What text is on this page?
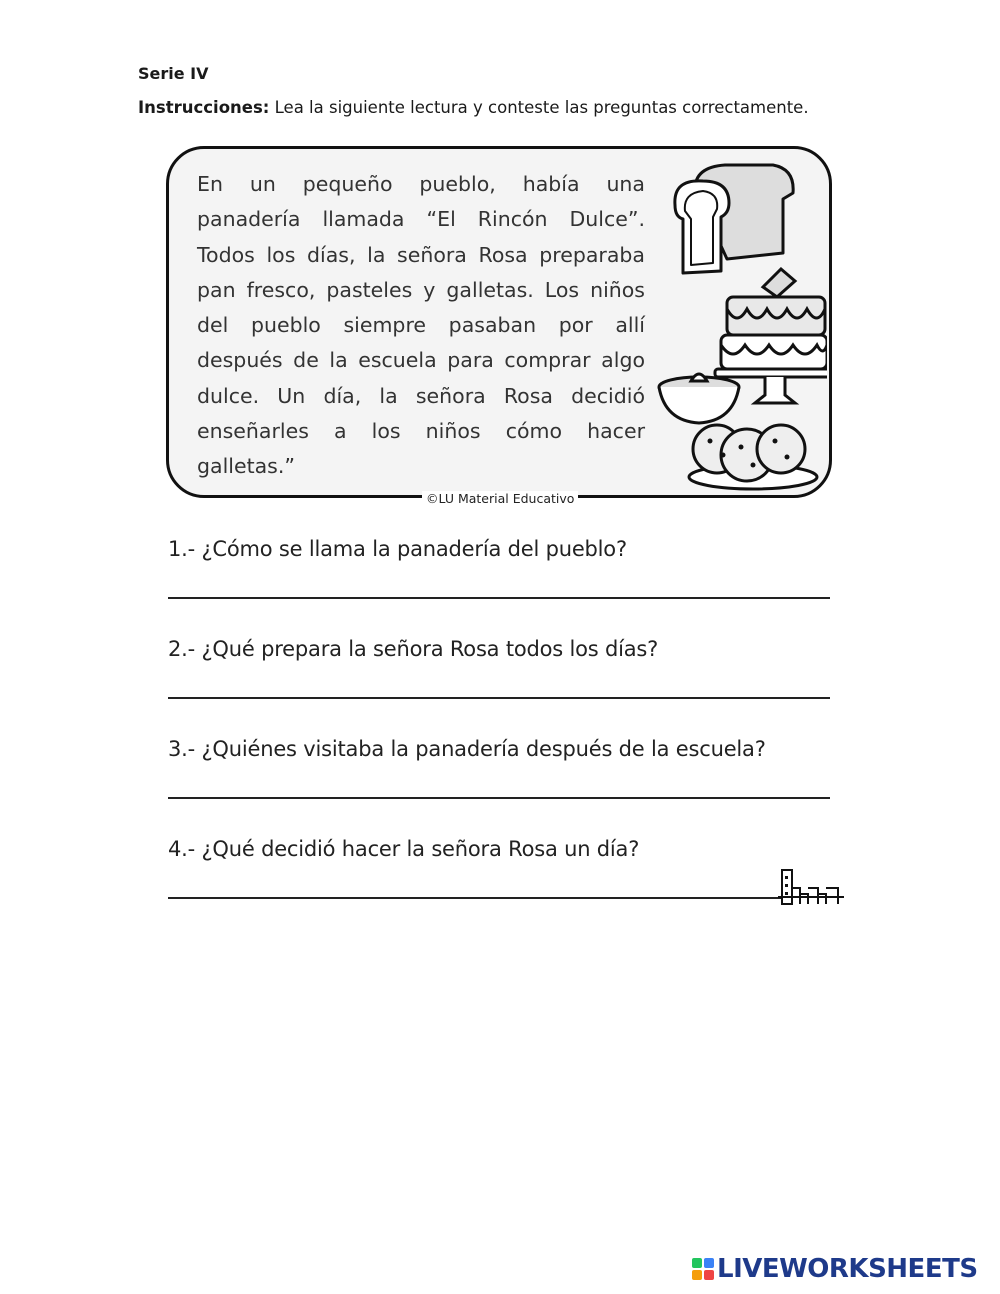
Serie IV
Instrucciones: Lea la siguiente lectura y conteste las preguntas correctamente.
En un pequeño pueblo, había una panadería llamada “El Rincón Dulce”. Todos los días, la señora Rosa preparaba pan fresco, pasteles y galletas. Los niños del pueblo siempre pasaban por allí después de la escuela para comprar algo dulce. Un día, la señora Rosa decidió enseñarles a los niños cómo hacer galletas.”
©LU Material Educativo
1.- ¿Cómo se llama la panadería del pueblo?
2.- ¿Qué prepara la señora Rosa todos los días?
3.- ¿Quiénes visitaba la panadería después de la escuela?
4.- ¿Qué decidió hacer la señora Rosa un día?
LIVEWORKSHEETS
